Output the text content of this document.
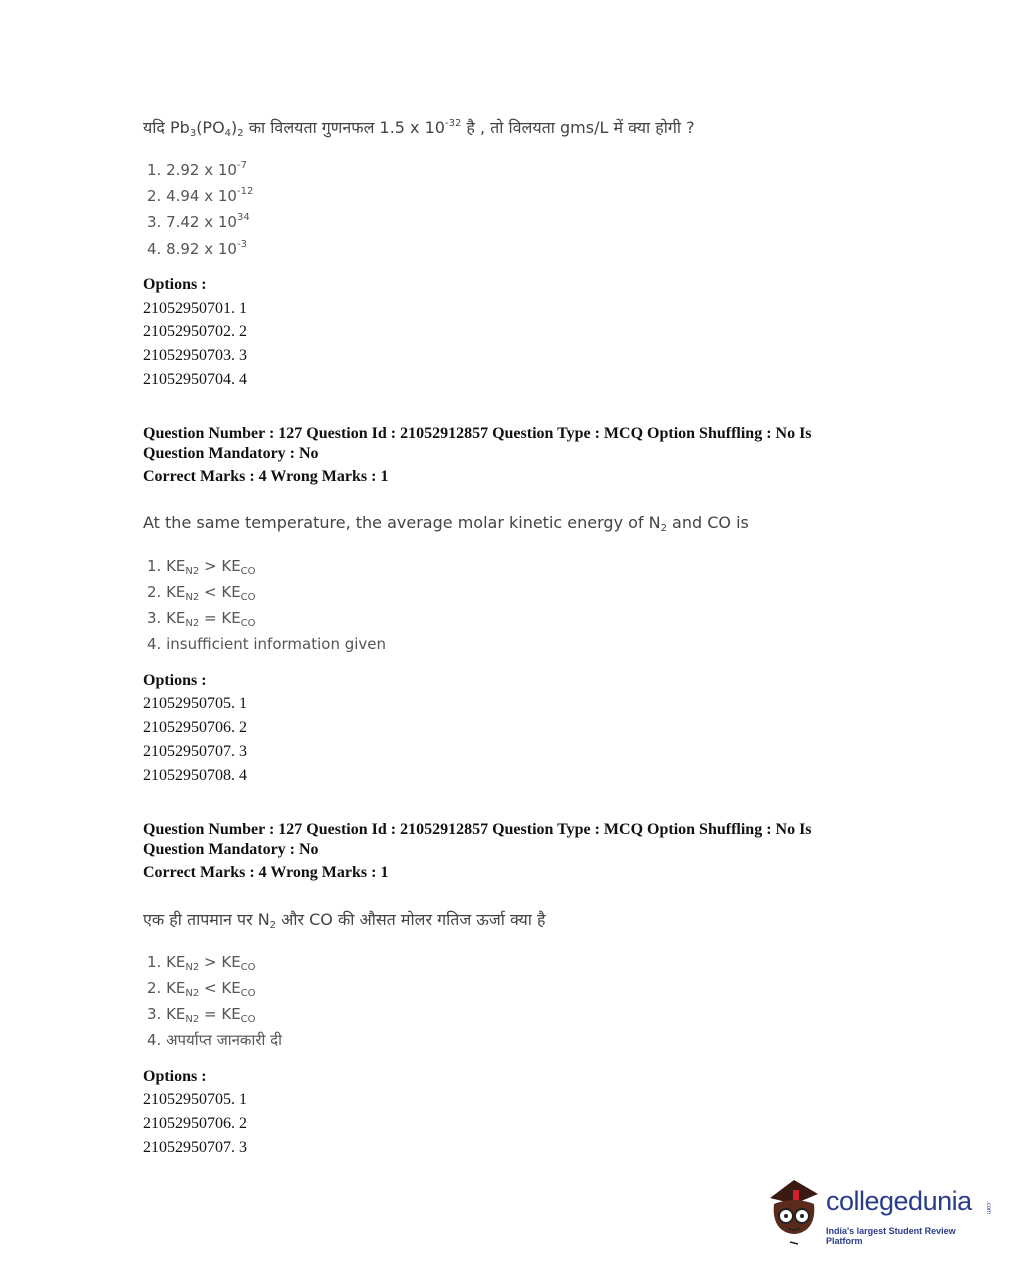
यदि $Pb_3(PO_4)_2$ का विलयता गुणनफल 1.5 x $10^{-32}$ है , तो विलयता gms/L में क्या होगी ?
1. 2.92 x $10^{-7}$
2. 4.94 x $10^{-12}$
3. 7.42 x $10^{34}$
4. 8.92 x $10^{-3}$
Options :
21052950701. 1
21052950702. 2
21052950703. 3
21052950704. 4
Question Number : 127 Question Id : 21052912857 Question Type : MCQ Option Shuffling : No Is
Question Mandatory : No
Correct Marks : 4 Wrong Marks : 1
At the same temperature, the average molar kinetic energy of $N_2$ and CO is
1. $KE_{N2} > KE_{CO}$
2. $KE_{N2} < KE_{CO}$
3. $KE_{N2} = KE_{CO}$
4. insufficient information given
Options :
21052950705. 1
21052950706. 2
21052950707. 3
21052950708. 4
Question Number : 127 Question Id : 21052912857 Question Type : MCQ Option Shuffling : No Is
Question Mandatory : No
Correct Marks : 4 Wrong Marks : 1
एक ही तापमान पर $N_2$ और CO की औसत मोलर गतिज ऊर्जा क्या है
1. $KE_{N2} > KE_{CO}$
2. $KE_{N2} < KE_{CO}$
3. $KE_{N2} = KE_{CO}$
4. अपर्याप्त जानकारी दी
Options :
21052950705. 1
21052950706. 2
21052950707. 3
collegedunia .com
India's largest Student Review Platform
